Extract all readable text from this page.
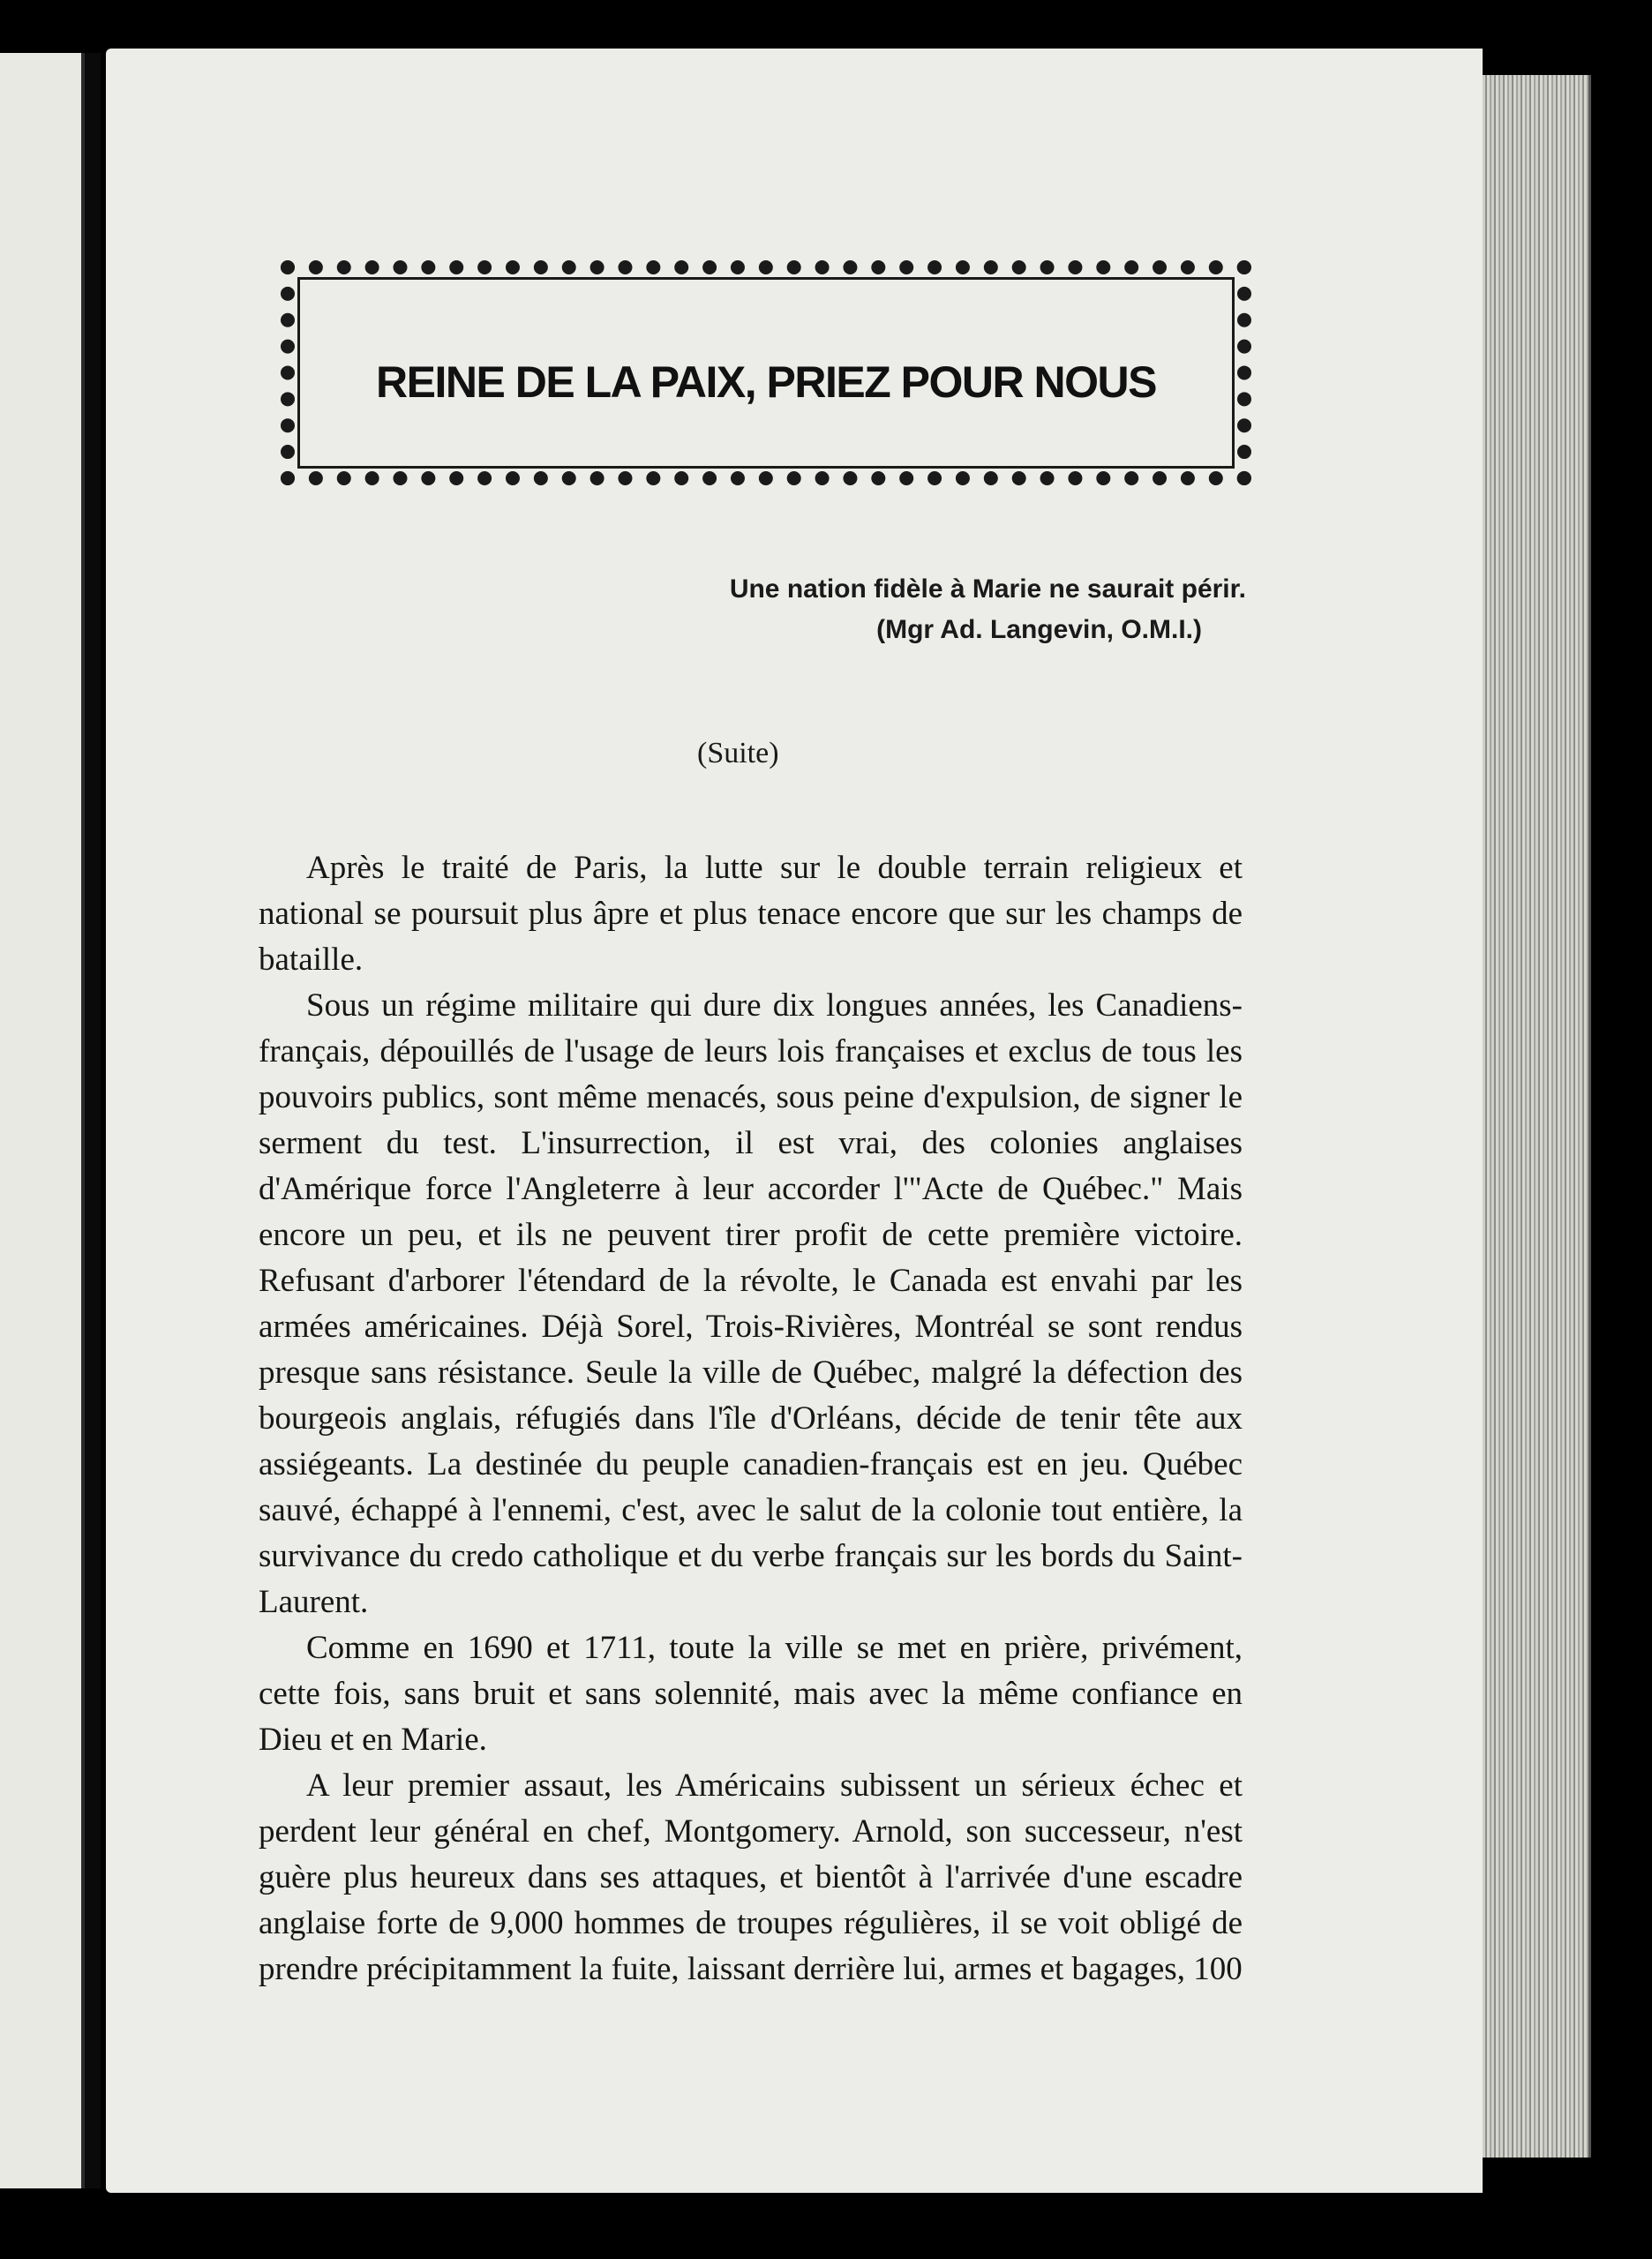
REINE DE LA PAIX, PRIEZ POUR NOUS
Une nation fidèle à Marie ne saurait périr.
(Mgr Ad. Langevin, O.M.I.)
(Suite)

Après le traité de Paris, la lutte sur le double terrain religieux et national se poursuit plus âpre et plus tenace encore que sur les champs de bataille.

Sous un régime militaire qui dure dix longues années, les Canadiens-français, dépouillés de l'usage de leurs lois françaises et exclus de tous les pouvoirs publics, sont même menacés, sous peine d'expulsion, de signer le serment du test. L'insurrection, il est vrai, des colonies anglaises d'Amérique force l'Angleterre à leur accorder l'"Acte de Québec." Mais encore un peu, et ils ne peuvent tirer profit de cette première victoire. Refusant d'arborer l'étendard de la révolte, le Canada est envahi par les armées américaines. Déjà Sorel, Trois-Rivières, Montréal se sont rendus presque sans résistance. Seule la ville de Québec, malgré la défection des bourgeois anglais, réfugiés dans l'île d'Orléans, décide de tenir tête aux assiégeants. La destinée du peuple canadien-français est en jeu. Québec sauvé, échappé à l'ennemi, c'est, avec le salut de la colonie tout entière, la survivance du credo catholique et du verbe français sur les bords du Saint-Laurent.

Comme en 1690 et 1711, toute la ville se met en prière, privément, cette fois, sans bruit et sans solennité, mais avec la même confiance en Dieu et en Marie.

A leur premier assaut, les Américains subissent un sérieux échec et perdent leur général en chef, Montgomery. Arnold, son successeur, n'est guère plus heureux dans ses attaques, et bientôt à l'arrivée d'une escadre anglaise forte de 9,000 hommes de troupes régulières, il se voit obligé de prendre précipitamment la fuite, laissant derrière lui, armes et bagages, 100
